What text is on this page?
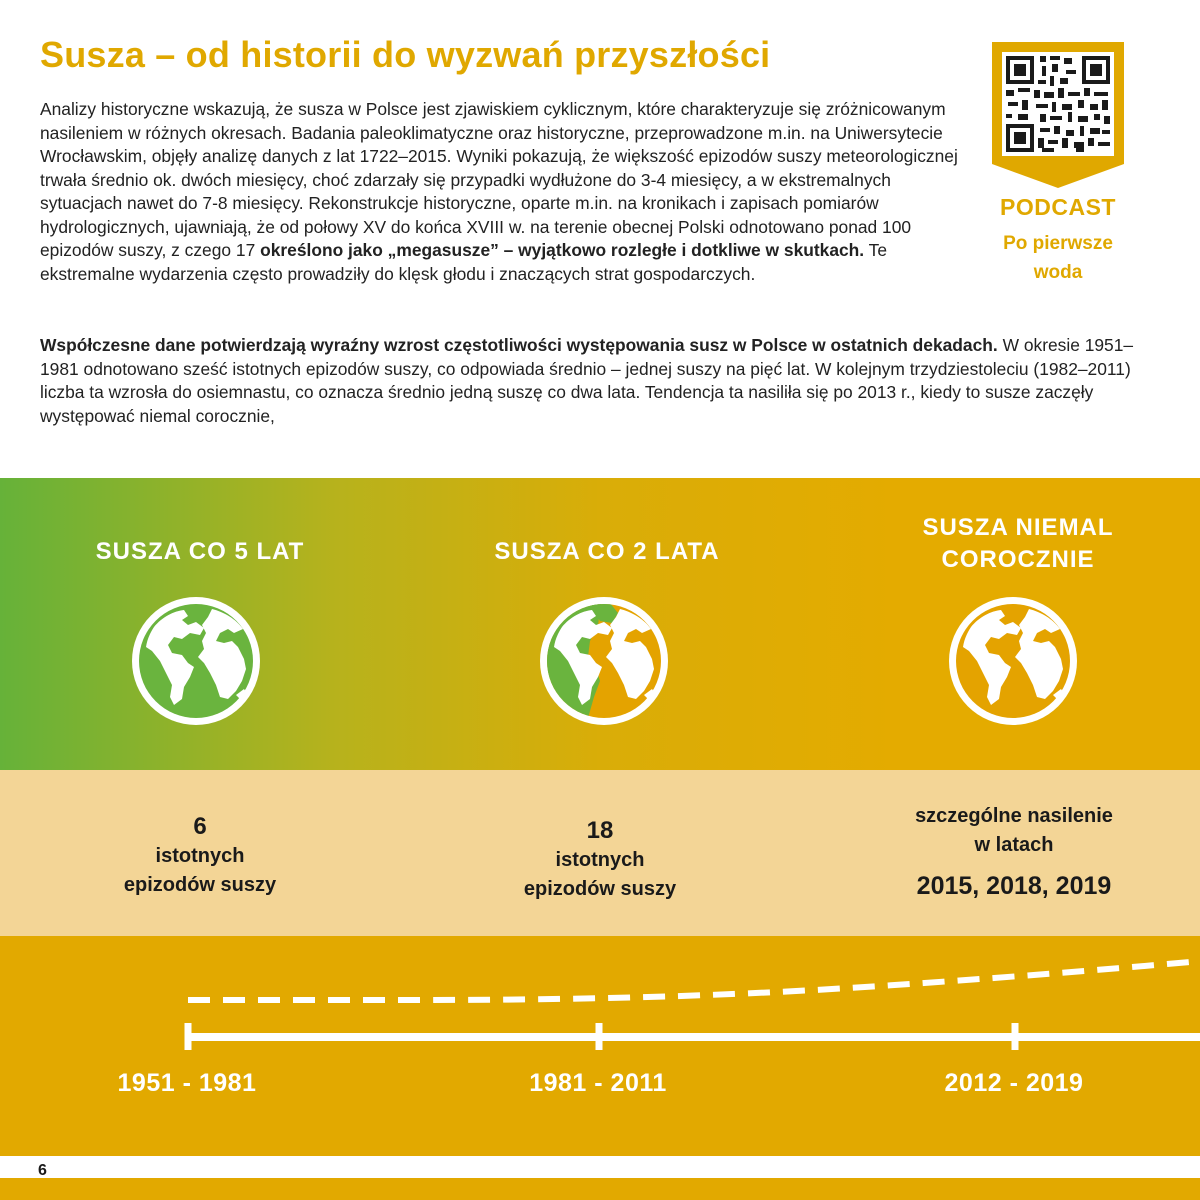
Susza – od historii do wyzwań przyszłości
Analizy historyczne wskazują, że susza w Polsce jest zjawiskiem cyklicznym, które charakteryzuje się zróżnicowanym nasileniem w różnych okresach. Badania paleoklimatyczne oraz historyczne, przeprowadzone m.in. na Uniwersytecie Wrocławskim, objęły analizę danych z lat 1722–2015. Wyniki pokazują, że większość epizodów suszy meteorologicznej trwała średnio ok. dwóch miesięcy, choć zdarzały się przypadki wydłużone do 3-4 miesięcy, a w ekstremalnych sytuacjach nawet do 7-8 miesięcy. Rekonstrukcje historyczne, oparte m.in. na kronikach i zapisach pomiarów hydrologicznych, ujawniają, że od połowy XV do końca XVIII w. na terenie obecnej Polski odnotowano ponad 100 epizodów suszy, z czego 17 określono jako „megasusze” – wyjątkowo rozległe i dotkliwe w skutkach. Te ekstremalne wydarzenia często prowadziły do klęsk głodu i znaczących strat gospodarczych.
Współczesne dane potwierdzają wyraźny wzrost częstotliwości występowania susz w Polsce w ostatnich dekadach. W okresie 1951–1981 odnotowano sześć istotnych epizodów suszy, co odpowiada średnio – jednej suszy na pięć lat. W kolejnym trzydziestoleciu (1982–2011) liczba ta wzrosła do osiemnastu, co oznacza średnio jedną suszę co dwa lata. Tendencja ta nasiliła się po 2013 r., kiedy to susze zaczęły występować niemal corocznie,
PODCAST
Po pierwsze
woda
SUSZA CO 5 LAT	SUSZA CO 2 LATA
SUSZA NIEMAL
COROCZNIE
6
istotnych
epizodów suszy
18
istotnych
epizodów suszy
szczególne nasilenie
w latach
2015, 2018, 2019
1951 - 1981	1981 - 2011	2012 - 2019
6
